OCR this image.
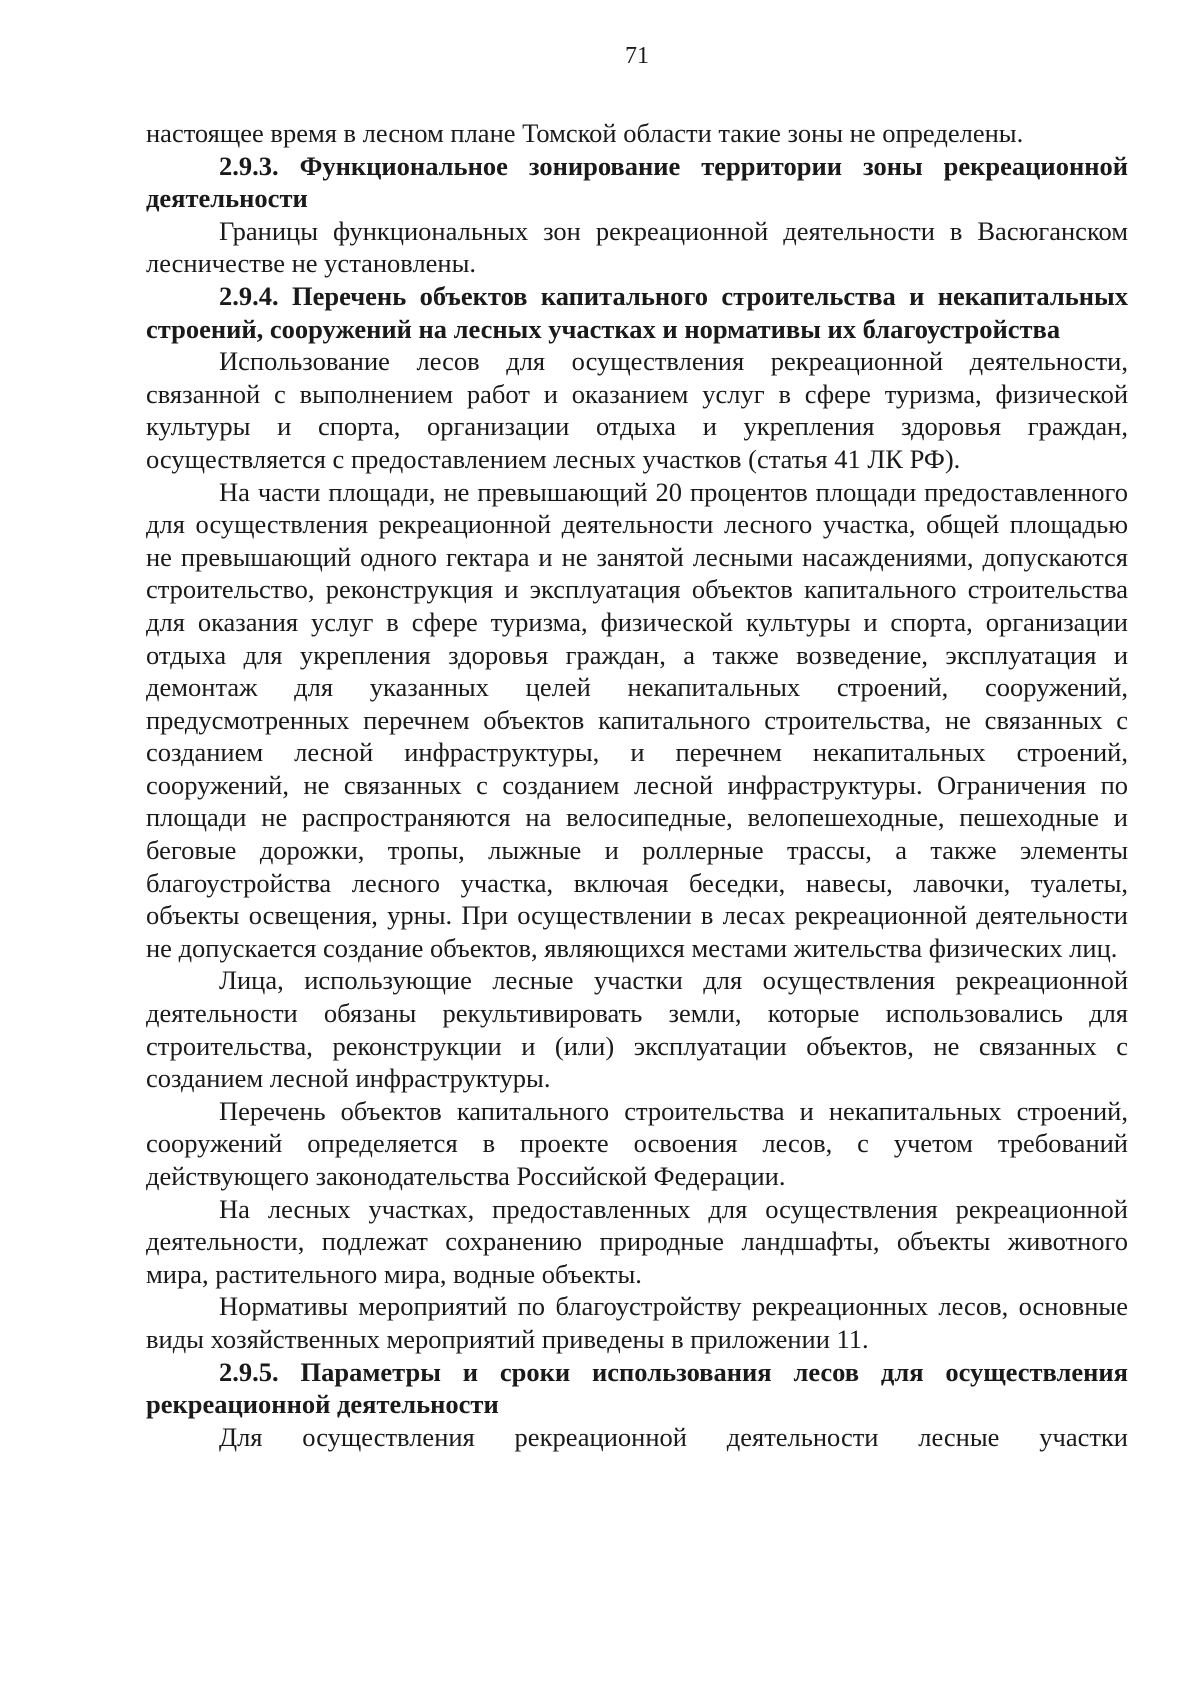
71

настоящее время в лесном плане Томской области такие зоны не определены.

2.9.3. Функциональное зонирование территории зоны рекреационной деятельности

Границы функциональных зон рекреационной деятельности в Васюганском лесничестве не установлены.

2.9.4. Перечень объектов капитального строительства и некапитальных строений, сооружений на лесных участках и нормативы их благоустройства

Использование лесов для осуществления рекреационной деятельности, связанной с выполнением работ и оказанием услуг в сфере туризма, физической культуры и спорта, организации отдыха и укрепления здоровья граждан, осуществляется с предоставлением лесных участков (статья 41 ЛК РФ).

На части площади, не превышающий 20 процентов площади предоставленного для осуществления рекреационной деятельности лесного участка, общей площадью не превышающий одного гектара и не занятой лесными насаждениями, допускаются строительство, реконструкция и эксплуатация объектов капитального строительства для оказания услуг в сфере туризма, физической культуры и спорта, организации отдыха для укрепления здоровья граждан, а также возведение, эксплуатация и демонтаж для указанных целей некапитальных строений, сооружений, предусмотренных перечнем объектов капитального строительства, не связанных с созданием лесной инфраструктуры, и перечнем некапитальных строений, сооружений, не связанных с созданием лесной инфраструктуры. Ограничения по площади не распространяются на велосипедные, велопешеходные, пешеходные и беговые дорожки, тропы, лыжные и роллерные трассы, а также элементы благоустройства лесного участка, включая беседки, навесы, лавочки, туалеты, объекты освещения, урны. При осуществлении в лесах рекреационной деятельности не допускается создание объектов, являющихся местами жительства физических лиц.

Лица, использующие лесные участки для осуществления рекреационной деятельности обязаны рекультивировать земли, которые использовались для строительства, реконструкции и (или) эксплуатации объектов, не связанных с созданием лесной инфраструктуры.

Перечень объектов капитального строительства и некапитальных строений, сооружений определяется в проекте освоения лесов, с учетом требований действующего законодательства Российской Федерации.

На лесных участках, предоставленных для осуществления рекреационной деятельности, подлежат сохранению природные ландшафты, объекты животного мира, растительного мира, водные объекты.

Нормативы мероприятий по благоустройству рекреационных лесов, основные виды хозяйственных мероприятий приведены в приложении 11.

2.9.5. Параметры и сроки использования лесов для осуществления рекреационной деятельности

Для осуществления рекреационной деятельности лесные участки
